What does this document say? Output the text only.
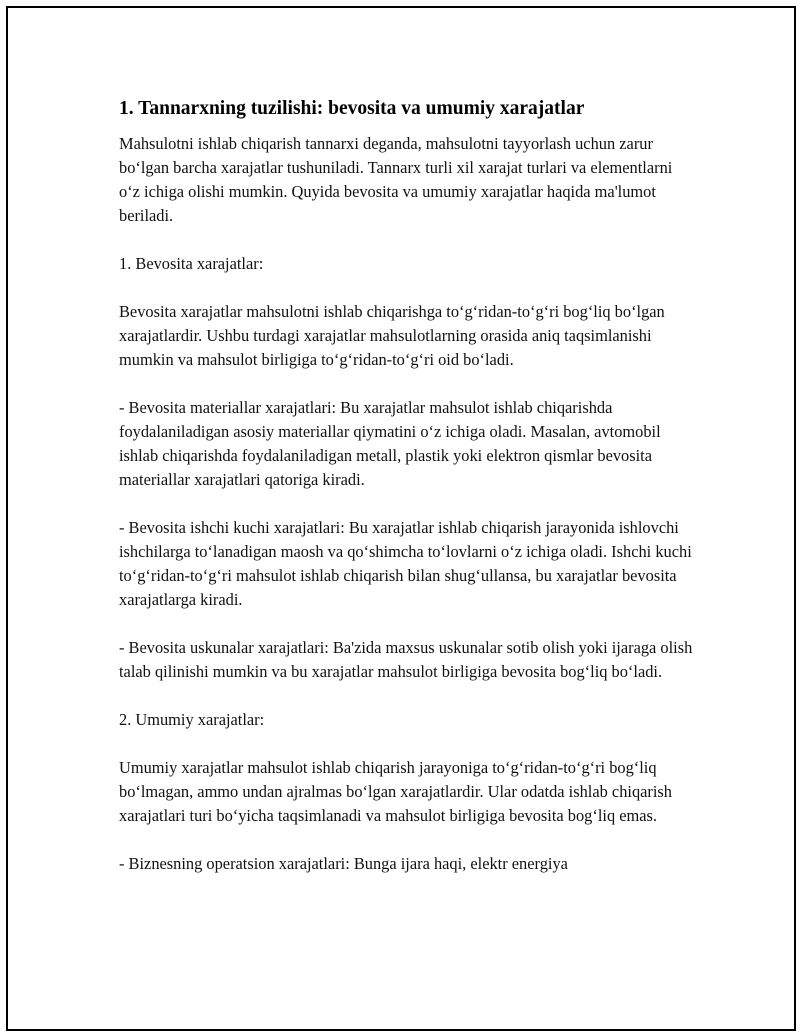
1. Tannarxning tuzilishi: bevosita va umumiy xarajatlar

Mahsulotni ishlab chiqarish tannarxi deganda, mahsulotni tayyorlash uchun zarur bo‘lgan barcha xarajatlar tushuniladi. Tannarx turli xil xarajat turlari va elementlarni o‘z ichiga olishi mumkin. Quyida bevosita va umumiy xarajatlar haqida ma'lumot beriladi.

1. Bevosita xarajatlar:

Bevosita xarajatlar mahsulotni ishlab chiqarishga to‘g‘ridan-to‘g‘ri bog‘liq bo‘lgan xarajatlardir. Ushbu turdagi xarajatlar mahsulotlarning orasida aniq taqsimlanishi mumkin va mahsulot birligiga to‘g‘ridan-to‘g‘ri oid bo‘ladi.

- Bevosita materiallar xarajatlari: Bu xarajatlar mahsulot ishlab chiqarishda foydalaniladigan asosiy materiallar qiymatini o‘z ichiga oladi. Masalan, avtomobil ishlab chiqarishda foydalaniladigan metall, plastik yoki elektron qismlar bevosita materiallar xarajatlari qatoriga kiradi.

- Bevosita ishchi kuchi xarajatlari: Bu xarajatlar ishlab chiqarish jarayonida ishlovchi ishchilarga to‘lanadigan maosh va qo‘shimcha to‘lovlarni o‘z ichiga oladi. Ishchi kuchi to‘g‘ridan-to‘g‘ri mahsulot ishlab chiqarish bilan shug‘ullansa, bu xarajatlar bevosita xarajatlarga kiradi.

- Bevosita uskunalar xarajatlari: Ba'zida maxsus uskunalar sotib olish yoki ijaraga olish talab qilinishi mumkin va bu xarajatlar mahsulot birligiga bevosita bog‘liq bo‘ladi.

2. Umumiy xarajatlar:

Umumiy xarajatlar mahsulot ishlab chiqarish jarayoniga to‘g‘ridan-to‘g‘ri bog‘liq bo‘lmagan, ammo undan ajralmas bo‘lgan xarajatlardir. Ular odatda ishlab chiqarish xarajatlari turi bo‘yicha taqsimlanadi va mahsulot birligiga bevosita bog‘liq emas.

- Biznesning operatsion xarajatlari: Bunga ijara haqi, elektr energiya
